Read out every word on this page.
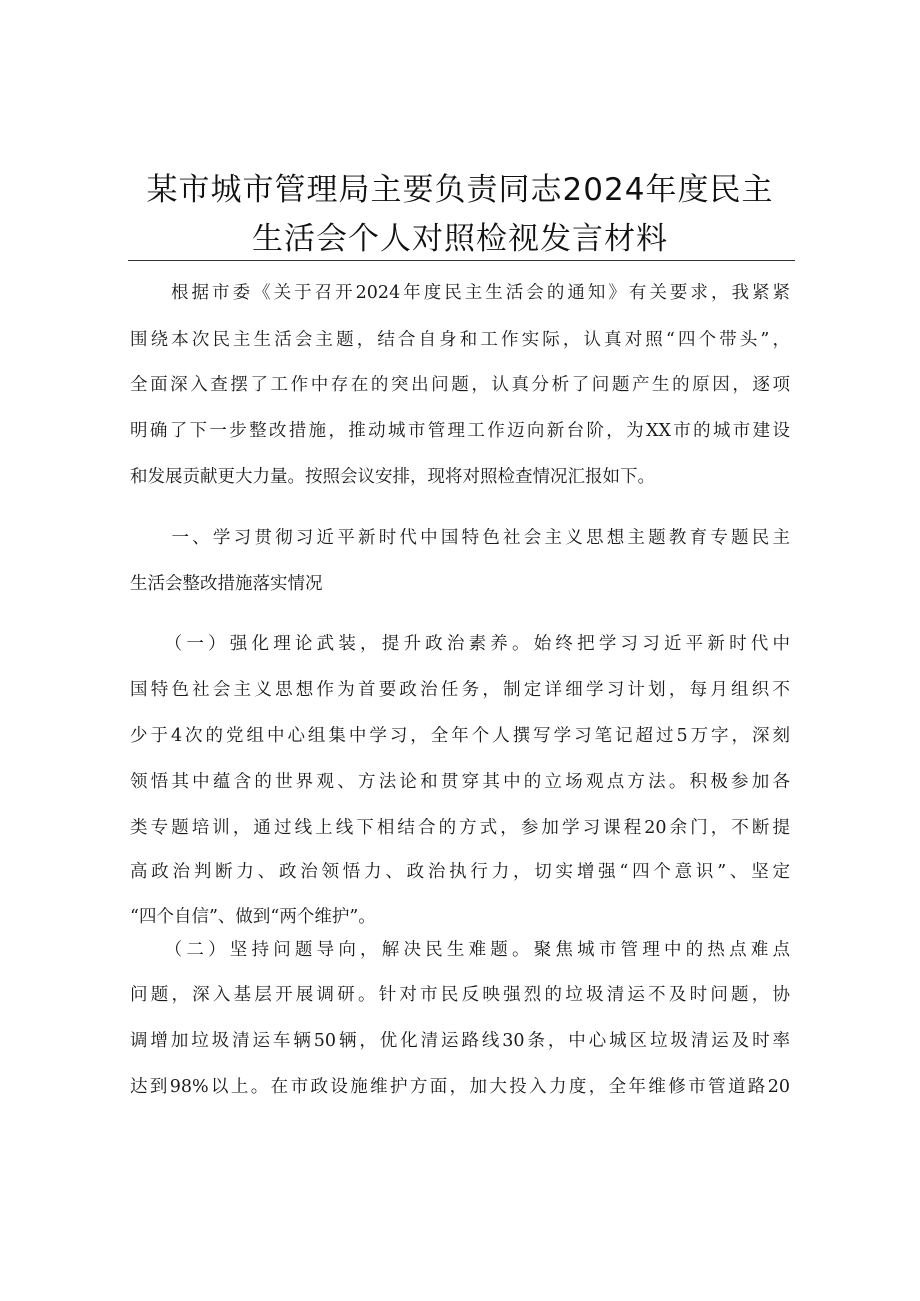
某市城市管理局主要负责同志2024年度民主
生活会个人对照检视发言材料
　　根据市委《关于召开2024年度民主生活会的通知》有关要求，我紧紧
围绕本次民主生活会主题，结合自身和工作实际，认真对照“四个带头”，
全面深入查摆了工作中存在的突出问题，认真分析了问题产生的原因，逐项
明确了下一步整改措施，推动城市管理工作迈向新台阶，为XX市的城市建设
和发展贡献更大力量。按照会议安排，现将对照检查情况汇报如下。
　　一、学习贯彻习近平新时代中国特色社会主义思想主题教育专题民主
生活会整改措施落实情况
　　（一）强化理论武装，提升政治素养。始终把学习习近平新时代中
国特色社会主义思想作为首要政治任务，制定详细学习计划，每月组织不
少于4次的党组中心组集中学习，全年个人撰写学习笔记超过5万字，深刻
领悟其中蕴含的世界观、方法论和贯穿其中的立场观点方法。积极参加各
类专题培训，通过线上线下相结合的方式，参加学习课程20余门，不断提
高政治判断力、政治领悟力、政治执行力，切实增强“四个意识”、坚定
“四个自信”、做到“两个维护”。
　　（二）坚持问题导向，解决民生难题。聚焦城市管理中的热点难点
问题，深入基层开展调研。针对市民反映强烈的垃圾清运不及时问题，协
调增加垃圾清运车辆50辆，优化清运路线30条，中心城区垃圾清运及时率
达到98%以上。在市政设施维护方面，加大投入力度，全年维修市管道路20
